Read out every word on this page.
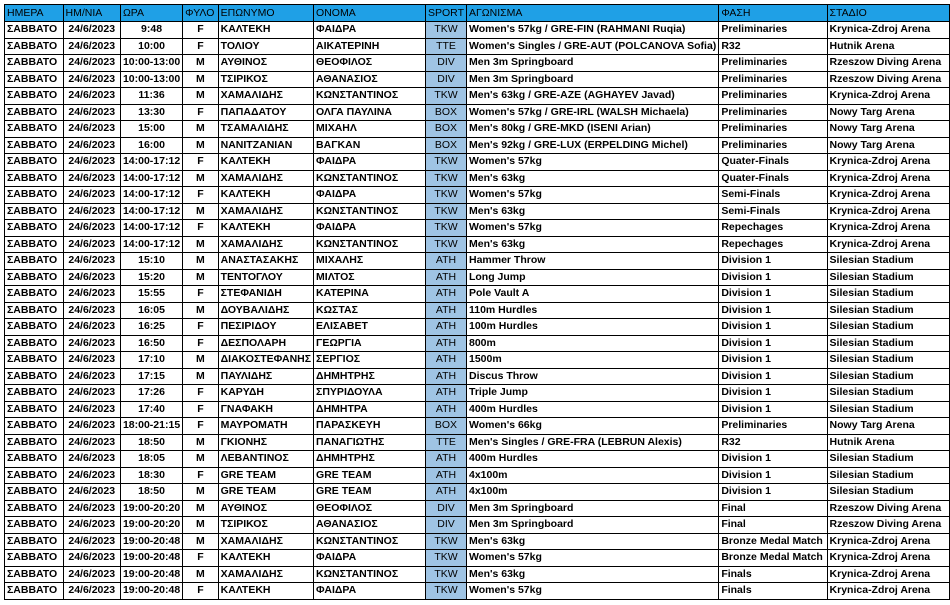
ΗΜΕΡΑ	ΗΜ/ΝΙΑ	ΩΡΑ	ΦΥΛΟ	ΕΠΩΝΥΜΟ	ΟΝΟΜΑ	SPORT	ΑΓΩΝΙΣΜΑ	ΦΑΣΗ	ΣΤΑΔΙΟ
ΣΑΒΒΑΤΟ	24/6/2023	9:48	F	ΚΑΛΤΕΚΗ	ΦΑΙΔΡΑ	TKW	Women's 57kg / GRE-FIN (RAHMANI Ruqia)	Preliminaries	Krynica-Zdroj Arena
ΣΑΒΒΑΤΟ	24/6/2023	10:00	F	ΤΟΛΙΟΥ	ΑΙΚΑΤΕΡΙΝΗ	TTE	Women's Singles / GRE-AUT (POLCANOVA Sofia)	R32	Hutnik Arena
ΣΑΒΒΑΤΟ	24/6/2023	10:00-13:00	M	ΑΥΘΙΝΟΣ	ΘΕΟΦΙΛΟΣ	DIV	Men 3m Springboard	Preliminaries	Rzeszow Diving Arena
ΣΑΒΒΑΤΟ	24/6/2023	10:00-13:00	M	ΤΣΙΡΙΚΟΣ	ΑΘΑΝΑΣΙΟΣ	DIV	Men 3m Springboard	Preliminaries	Rzeszow Diving Arena
ΣΑΒΒΑΤΟ	24/6/2023	11:36	M	ΧΑΜΑΛΙΔΗΣ	ΚΩΝΣΤΑΝΤΙΝΟΣ	TKW	Men's 63kg / GRE-AZE (AGHAYEV Javad)	Preliminaries	Krynica-Zdroj Arena
ΣΑΒΒΑΤΟ	24/6/2023	13:30	F	ΠΑΠΑΔΑΤΟΥ	ΟΛΓΑ ΠΑΥΛΙΝΑ	BOX	Women's 57kg / GRE-IRL (WALSH Michaela)	Preliminaries	Nowy Targ Arena
ΣΑΒΒΑΤΟ	24/6/2023	15:00	M	ΤΣΑΜΑΛΙΔΗΣ	ΜΙΧΑΗΛ	BOX	Men's 80kg / GRE-MKD (ISENI Arian)	Preliminaries	Nowy Targ Arena
ΣΑΒΒΑΤΟ	24/6/2023	16:00	M	ΝΑΝΙΤΖΑΝΙΑΝ	ΒΑΓΚΑΝ	BOX	Men's 92kg / GRE-LUX (ERPELDING Michel)	Preliminaries	Nowy Targ Arena
ΣΑΒΒΑΤΟ	24/6/2023	14:00-17:12	F	ΚΑΛΤΕΚΗ	ΦΑΙΔΡΑ	TKW	Women's 57kg	Quater-Finals	Krynica-Zdroj Arena
ΣΑΒΒΑΤΟ	24/6/2023	14:00-17:12	M	ΧΑΜΑΛΙΔΗΣ	ΚΩΝΣΤΑΝΤΙΝΟΣ	TKW	Men's 63kg	Quater-Finals	Krynica-Zdroj Arena
ΣΑΒΒΑΤΟ	24/6/2023	14:00-17:12	F	ΚΑΛΤΕΚΗ	ΦΑΙΔΡΑ	TKW	Women's 57kg	Semi-Finals	Krynica-Zdroj Arena
ΣΑΒΒΑΤΟ	24/6/2023	14:00-17:12	M	ΧΑΜΑΛΙΔΗΣ	ΚΩΝΣΤΑΝΤΙΝΟΣ	TKW	Men's 63kg	Semi-Finals	Krynica-Zdroj Arena
ΣΑΒΒΑΤΟ	24/6/2023	14:00-17:12	F	ΚΑΛΤΕΚΗ	ΦΑΙΔΡΑ	TKW	Women's 57kg	Repechages	Krynica-Zdroj Arena
ΣΑΒΒΑΤΟ	24/6/2023	14:00-17:12	M	ΧΑΜΑΛΙΔΗΣ	ΚΩΝΣΤΑΝΤΙΝΟΣ	TKW	Men's 63kg	Repechages	Krynica-Zdroj Arena
ΣΑΒΒΑΤΟ	24/6/2023	15:10	M	ΑΝΑΣΤΑΣΑΚΗΣ	ΜΙΧΑΛΗΣ	ATH	Hammer Throw	Division 1	Silesian Stadium
ΣΑΒΒΑΤΟ	24/6/2023	15:20	M	ΤΕΝΤΟΓΛΟΥ	ΜΙΛΤΟΣ	ATH	Long Jump	Division 1	Silesian Stadium
ΣΑΒΒΑΤΟ	24/6/2023	15:55	F	ΣΤΕΦΑΝΙΔΗ	ΚΑΤΕΡΙΝΑ	ATH	Pole Vault A	Division 1	Silesian Stadium
ΣΑΒΒΑΤΟ	24/6/2023	16:05	M	ΔΟΥΒΑΛΙΔΗΣ	ΚΩΣΤΑΣ	ATH	110m Hurdles	Division 1	Silesian Stadium
ΣΑΒΒΑΤΟ	24/6/2023	16:25	F	ΠΕΣΙΡΙΔΟΥ	ΕΛΙΣΑΒΕΤ	ATH	100m Hurdles	Division 1	Silesian Stadium
ΣΑΒΒΑΤΟ	24/6/2023	16:50	F	ΔΕΣΠΟΛΑΡΗ	ΓΕΩΡΓΙΑ	ATH	800m	Division 1	Silesian Stadium
ΣΑΒΒΑΤΟ	24/6/2023	17:10	M	ΔΙΑΚΟΣΤΕΦΑΝΗΣ	ΣΕΡΓΙΟΣ	ATH	1500m	Division 1	Silesian Stadium
ΣΑΒΒΑΤΟ	24/6/2023	17:15	M	ΠΑΥΛΙΔΗΣ	ΔΗΜΗΤΡΗΣ	ATH	Discus Throw	Division 1	Silesian Stadium
ΣΑΒΒΑΤΟ	24/6/2023	17:26	F	ΚΑΡΥΔΗ	ΣΠΥΡΙΔΟΥΛΑ	ATH	Triple Jump	Division 1	Silesian Stadium
ΣΑΒΒΑΤΟ	24/6/2023	17:40	F	ΓΝΑΦΑΚΗ	ΔΗΜΗΤΡΑ	ATH	400m Hurdles	Division 1	Silesian Stadium
ΣΑΒΒΑΤΟ	24/6/2023	18:00-21:15	F	ΜΑΥΡΟΜΑΤΗ	ΠΑΡΑΣΚΕΥΗ	BOX	Women's 66kg	Preliminaries	Nowy Targ Arena
ΣΑΒΒΑΤΟ	24/6/2023	18:50	M	ΓΚΙΟΝΗΣ	ΠΑΝΑΓΙΩΤΗΣ	TTE	Men's Singles / GRE-FRA (LEBRUN Alexis)	R32	Hutnik Arena
ΣΑΒΒΑΤΟ	24/6/2023	18:05	M	ΛΕΒΑΝΤΙΝΟΣ	ΔΗΜΗΤΡΗΣ	ATH	400m Hurdles	Division 1	Silesian Stadium
ΣΑΒΒΑΤΟ	24/6/2023	18:30	F	GRE TEAM	GRE TEAM	ATH	4x100m	Division 1	Silesian Stadium
ΣΑΒΒΑΤΟ	24/6/2023	18:50	M	GRE TEAM	GRE TEAM	ATH	4x100m	Division 1	Silesian Stadium
ΣΑΒΒΑΤΟ	24/6/2023	19:00-20:20	M	ΑΥΘΙΝΟΣ	ΘΕΟΦΙΛΟΣ	DIV	Men 3m Springboard	Final	Rzeszow Diving Arena
ΣΑΒΒΑΤΟ	24/6/2023	19:00-20:20	M	ΤΣΙΡΙΚΟΣ	ΑΘΑΝΑΣΙΟΣ	DIV	Men 3m Springboard	Final	Rzeszow Diving Arena
ΣΑΒΒΑΤΟ	24/6/2023	19:00-20:48	M	ΧΑΜΑΛΙΔΗΣ	ΚΩΝΣΤΑΝΤΙΝΟΣ	TKW	Men's 63kg	Bronze Medal Match	Krynica-Zdroj Arena
ΣΑΒΒΑΤΟ	24/6/2023	19:00-20:48	F	ΚΑΛΤΕΚΗ	ΦΑΙΔΡΑ	TKW	Women's 57kg	Bronze Medal Match	Krynica-Zdroj Arena
ΣΑΒΒΑΤΟ	24/6/2023	19:00-20:48	M	ΧΑΜΑΛΙΔΗΣ	ΚΩΝΣΤΑΝΤΙΝΟΣ	TKW	Men's 63kg	Finals	Krynica-Zdroj Arena
ΣΑΒΒΑΤΟ	24/6/2023	19:00-20:48	F	ΚΑΛΤΕΚΗ	ΦΑΙΔΡΑ	TKW	Women's 57kg	Finals	Krynica-Zdroj Arena
